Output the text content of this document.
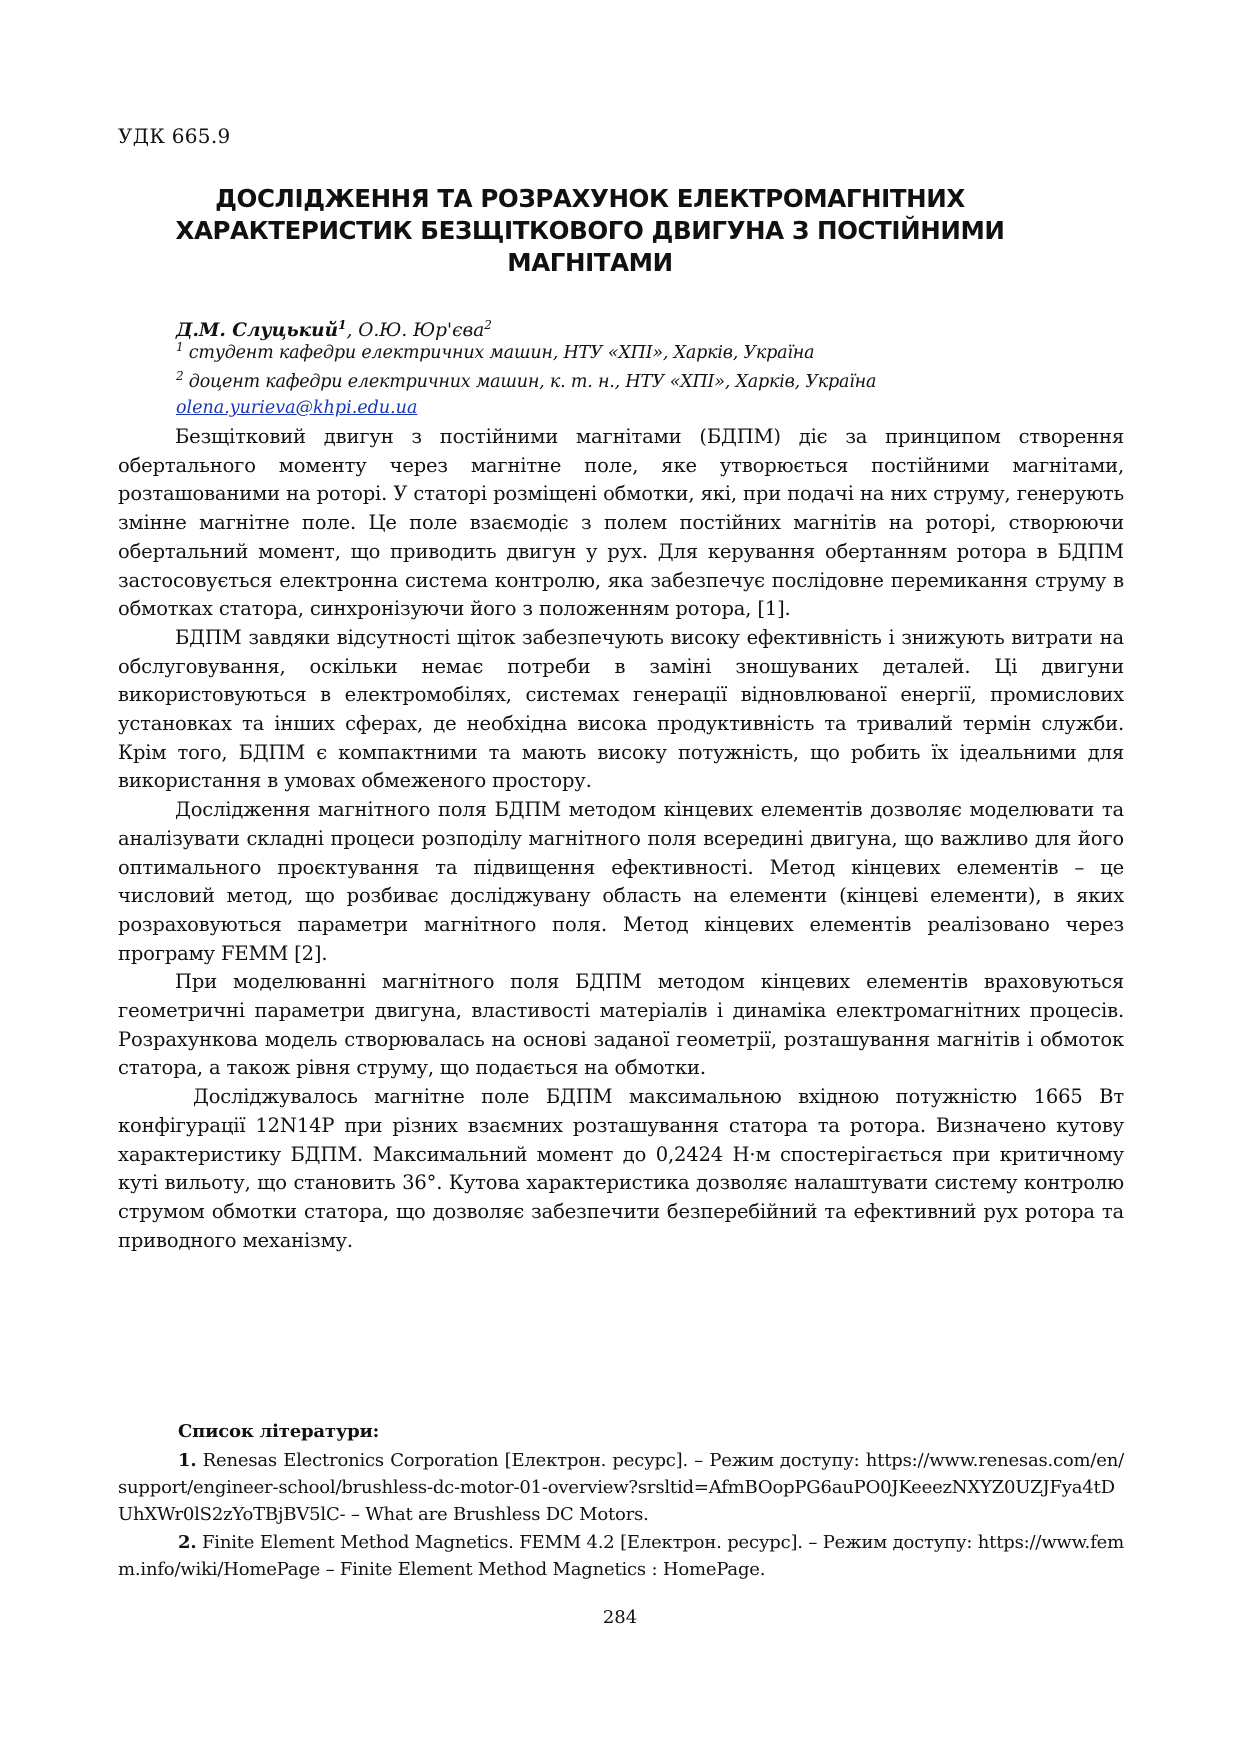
УДК 665.9
ДОСЛІДЖЕННЯ ТА РОЗРАХУНОК ЕЛЕКТРОМАГНІТНИХ ХАРАКТЕРИСТИК БЕЗЩІТКОВОГО ДВИГУНА З ПОСТІЙНИМИ МАГНІТАМИ
Д.М. Слуцький$^1$, О.Ю. Юр'єва$^2$
$^1$ студент кафедри електричних машин, НТУ «ХПІ», Харків, Україна
$^2$ доцент кафедри електричних машин, к. т. н., НТУ «ХПІ», Харків, Україна
olena.yurieva@khpi.edu.ua

Безщітковий двигун з постійними магнітами (БДПМ) діє за принципом створення обертального моменту через магнітне поле, яке утворюється постійними магнітами, розташованими на роторі. У статорі розміщені обмотки, які, при подачі на них струму, генерують змінне магнітне поле. Це поле взаємодіє з полем постійних магнітів на роторі, створюючи обертальний момент, що приводить двигун у рух. Для керування обертанням ротора в БДПМ застосовується електронна система контролю, яка забезпечує послідовне перемикання струму в обмотках статора, синхронізуючи його з положенням ротора, [1].

БДПМ завдяки відсутності щіток забезпечують високу ефективність і знижують витрати на обслуговування, оскільки немає потреби в заміні зношуваних деталей. Ці двигуни використовуються в електромобілях, системах генерації відновлюваної енергії, промислових установках та інших сферах, де необхідна висока продуктивність та тривалий термін служби. Крім того, БДПМ є компактними та мають високу потужність, що робить їх ідеальними для використання в умовах обмеженого простору.

Дослідження магнітного поля БДПМ методом кінцевих елементів дозволяє моделювати та аналізувати складні процеси розподілу магнітного поля всередині двигуна, що важливо для його оптимального проєктування та підвищення ефективності. Метод кінцевих елементів – це числовий метод, що розбиває досліджувану область на елементи (кінцеві елементи), в яких розраховуються параметри магнітного поля. Метод кінцевих елементів реалізовано через програму FEMM [2].

При моделюванні магнітного поля БДПМ методом кінцевих елементів враховуються геометричні параметри двигуна, властивості матеріалів і динаміка електромагнітних процесів. Розрахункова модель створювалась на основі заданої геометрії, розташування магнітів і обмоток статора, а також рівня струму, що подається на обмотки.

Досліджувалось магнітне поле БДПМ максимальною вхідною потужністю 1665 Вт конфігурації 12N14P при різних взаємних розташування статора та ротора. Визначено кутову характеристику БДПМ. Максимальний момент до 0,2424 Н·м спостерігається при критичному куті вильоту, що становить 36°. Кутова характеристика дозволяє налаштувати систему контролю струмом обмотки статора, що дозволяє забезпечити безперебійний та ефективний рух ротора та приводного механізму.

Список літератури:

1. Renesas Electronics Corporation [Електрон. ресурс]. – Режим доступу: https://www.renesas.com/en/support/engineer-school/brushless-dc-motor-01-overview?srsltid=AfmBOopPG6auPO0JKeeezNXYZ0UZJFya4tDUhXWr0lS2zYoTBjBV5lC- – What are Brushless DC Motors.

2. Finite Element Method Magnetics. FEMM 4.2 [Електрон. ресурс]. – Режим доступу: https://www.femm.info/wiki/HomePage – Finite Element Method Magnetics : HomePage.

284
